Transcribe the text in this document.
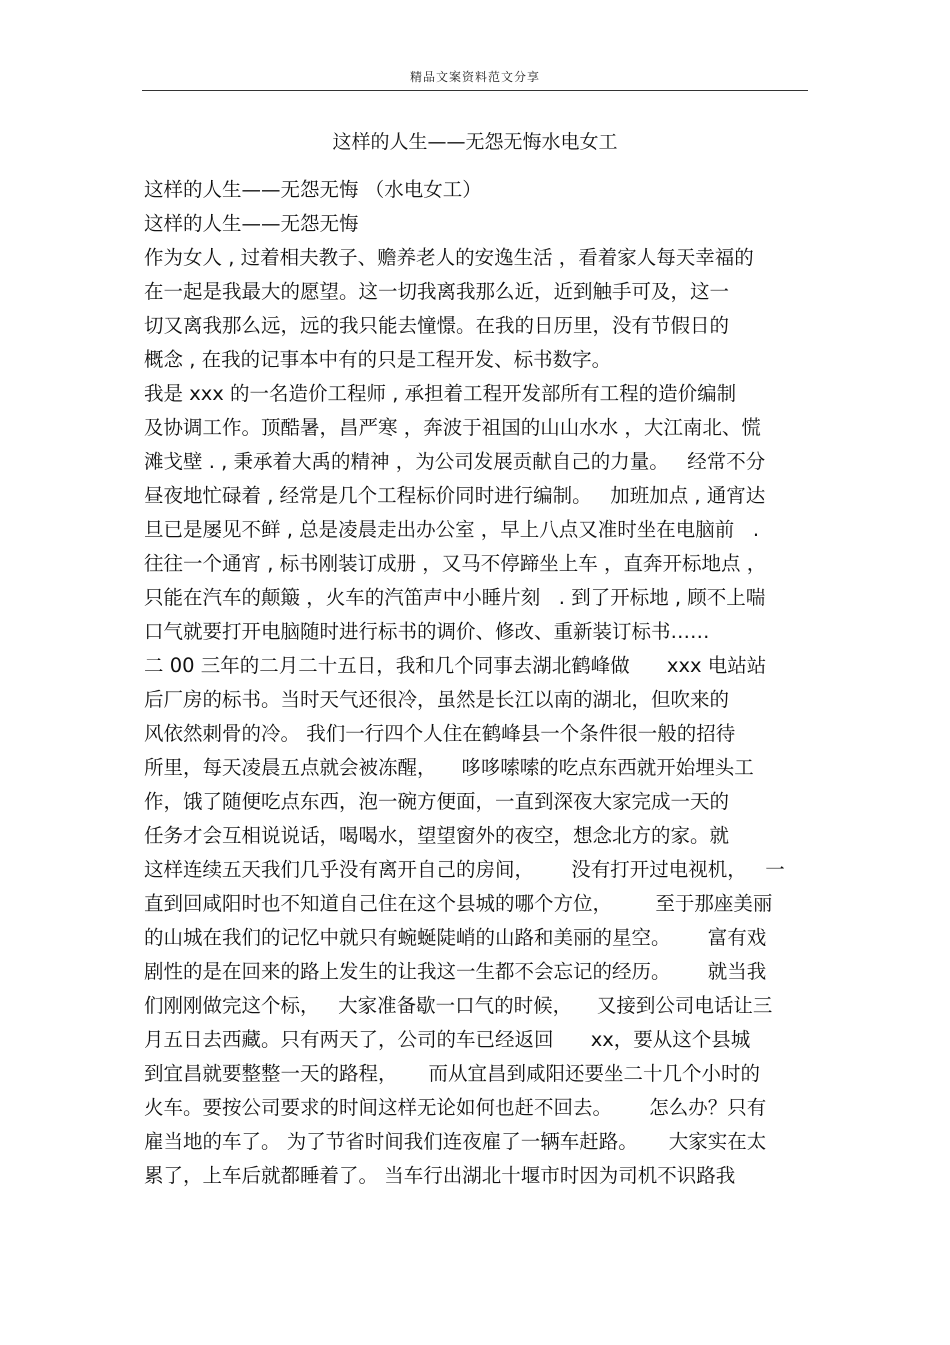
精品文案资料范文分享
这样的人生——无怨无悔水电女工
这样的人生——无怨无悔 （水电女工）
这样的人生——无怨无悔
作为女人 , 过着相夫教子、赡养老人的安逸生活 ，看着家人每天幸福的
在一起是我最大的愿望。这一切我离我那么近，近到触手可及，这一
切又离我那么远，远的我只能去憧憬。在我的日历里，没有节假日的
概念 , 在我的记事本中有的只是工程开发、标书数字。
我是 xxx 的一名造价工程师 , 承担着工程开发部所有工程的造价编制
及协调工作。顶酷暑，昌严寒 ，奔波于祖国的山山水水 ，大江南北、慌
滩戈壁 . , 秉承着大禹的精神 ，为公司发展贡献自己的力量。   经常不分
昼夜地忙碌着 , 经常是几个工程标价同时进行编制。   加班加点 , 通宵达
旦已是屡见不鲜 , 总是凌晨走出办公室 ，早上八点又准时坐在电脑前   .
往往一个通宵 , 标书刚装订成册 ，又马不停蹄坐上车 ，直奔开标地点 ，
只能在汽车的颠簸 ，火车的汽笛声中小睡片刻   . 到了开标地 , 顾不上喘
口气就要打开电脑随时进行标书的调价、修改、重新装订标书……
二 00 三年的二月二十五日，我和几个同事去湖北鹤峰做      xxx 电站站
后厂房的标书。当时天气还很冷，虽然是长江以南的湖北，但吹来的
风依然刺骨的冷。 我们一行四个人住在鹤峰县一个条件很一般的招待
所里，每天凌晨五点就会被冻醒，    哆哆嗦嗦的吃点东西就开始埋头工
作，饿了随便吃点东西，泡一碗方便面，一直到深夜大家完成一天的
任务才会互相说说话，喝喝水，望望窗外的夜空，想念北方的家。就
这样连续五天我们几乎没有离开自己的房间，      没有打开过电视机，   一
直到回咸阳时也不知道自己住在这个县城的哪个方位，       至于那座美丽
的山城在我们的记忆中就只有蜿蜒陡峭的山路和美丽的星空。      富有戏
剧性的是在回来的路上发生的让我这一生都不会忘记的经历。      就当我
们刚刚做完这个标，   大家准备歇一口气的时候，    又接到公司电话让三
月五日去西藏。只有两天了，公司的车已经返回      xx，要从这个县城
到宜昌就要整整一天的路程，     而从宜昌到咸阳还要坐二十几个小时的
火车。要按公司要求的时间这样无论如何也赶不回去。      怎么办？只有
雇当地的车了。 为了节省时间我们连夜雇了一辆车赶路。     大家实在太
累了，上车后就都睡着了。 当车行出湖北十堰市时因为司机不识路我
